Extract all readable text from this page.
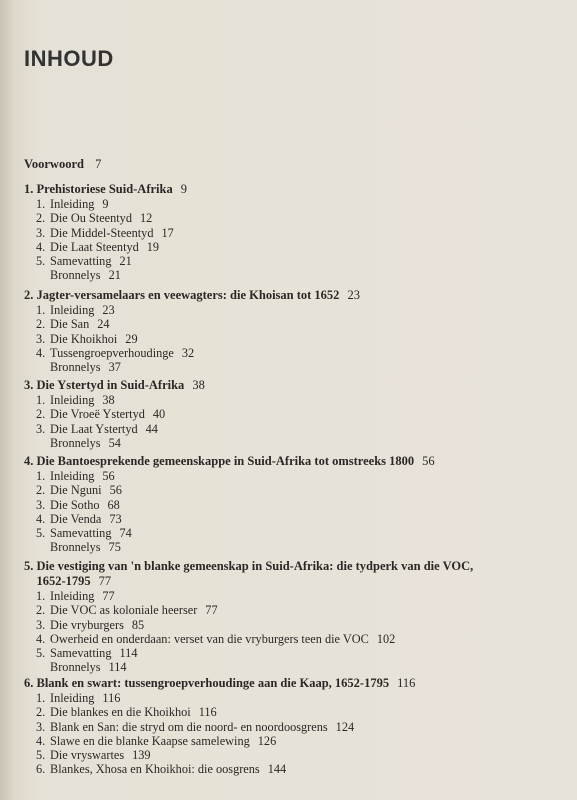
INHOUD
Voorwoord 7
1. Prehistoriese Suid-Afrika 9
1. Inleiding 9
2. Die Ou Steentyd 12
3. Die Middel-Steentyd 17
4. Die Laat Steentyd 19
5. Samevatting 21
Bronnelys 21
2. Jagter-versamelaars en veewagters: die Khoisan tot 1652 23
1. Inleiding 23
2. Die San 24
3. Die Khoikhoi 29
4. Tussengroepverhoudinge 32
Bronnelys 37
3. Die Ystertyd in Suid-Afrika 38
1. Inleiding 38
2. Die Vroeë Ystertyd 40
3. Die Laat Ystertyd 44
Bronnelys 54
4. Die Bantoesprekende gemeenskappe in Suid-Afrika tot omstreeks 1800 56
1. Inleiding 56
2. Die Nguni 56
3. Die Sotho 68
4. Die Venda 73
5. Samevatting 74
Bronnelys 75
5. Die vestiging van 'n blanke gemeenskap in Suid-Afrika: die tydperk van die VOC,
1652-1795 77
1. Inleiding 77
2. Die VOC as koloniale heerser 77
3. Die vryburgers 85
4. Owerheid en onderdaan: verset van die vryburgers teen die VOC 102
5. Samevatting 114
Bronnelys 114
6. Blank en swart: tussengroepverhoudinge aan die Kaap, 1652-1795 116
1. Inleiding 116
2. Die blankes en die Khoikhoi 116
3. Blank en San: die stryd om die noord- en noordoosgrens 124
4. Slawe en die blanke Kaapse samelewing 126
5. Die vryswartes 139
6. Blankes, Xhosa en Khoikhoi: die oosgrens 144
